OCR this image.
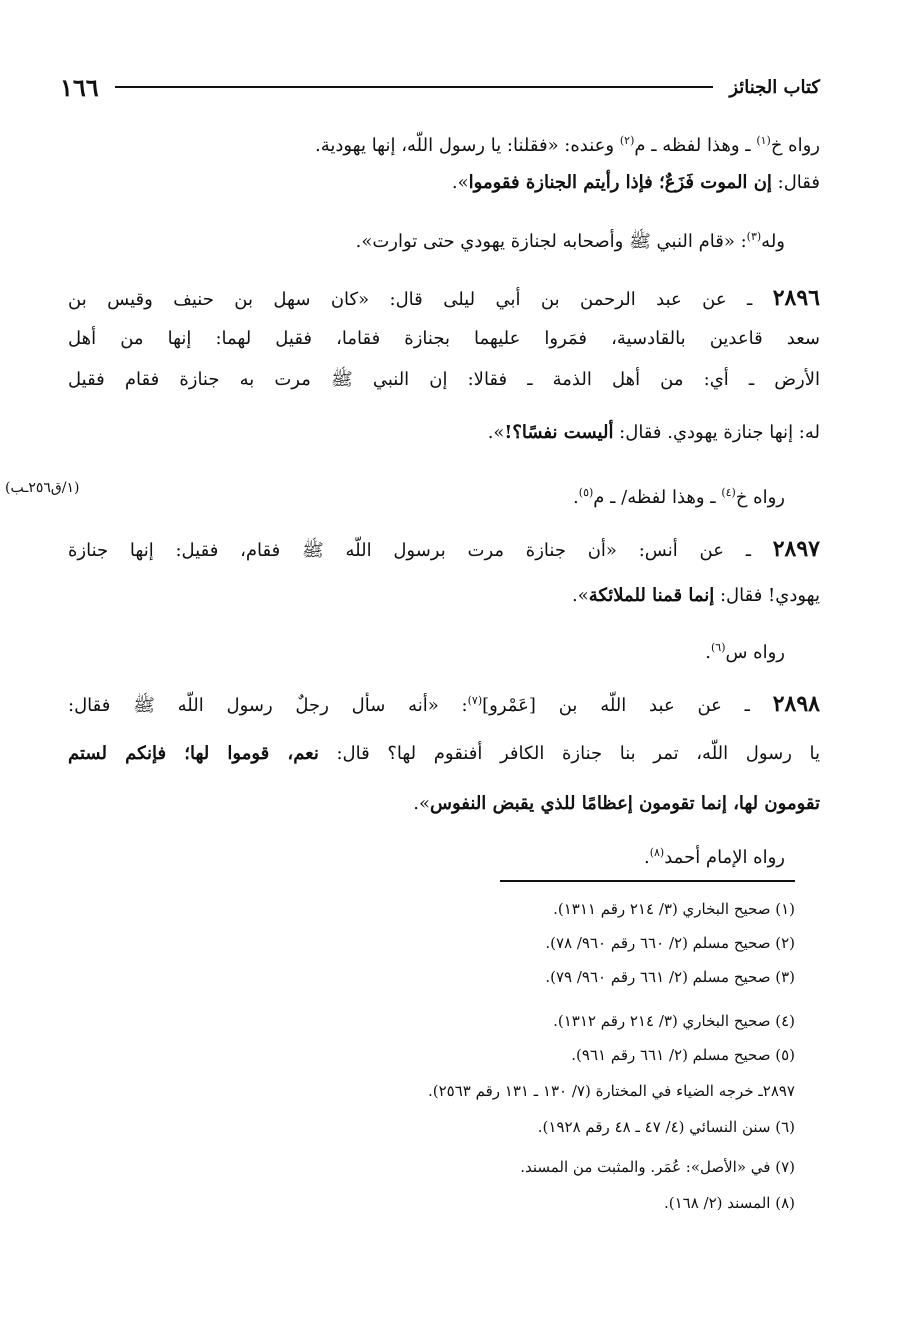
١٦٦	كتاب الجنائز
رواه خ$^{(١)}$ ـ وهذا لفظه ـ م$^{(٢)}$ وعنده: «فقلنا: يا رسول اللّه، إنها يهودية.
فقال: إن الموت فَزَعٌ؛ فإذا رأيتم الجنازة فقوموا».
وله$^{(٣)}$: «قام النبي ﷺ وأصحابه لجنازة يهودي حتى توارت».
٢٨٩٦ ـ عن عبد الرحمن بن أبي ليلى قال: «كان سهل بن حنيف وقيس بن
سعد قاعدين بالقادسية، فمَروا عليهما بجنازة فقاما، فقيل لهما: إنها من أهل
الأرض ـ أي: من أهل الذمة ـ فقالا: إن النبي ﷺ مرت به جنازة فقام فقيل
له: إنها جنازة يهودي. فقال: أليست نفسًا؟!».
رواه خ$^{(٤)}$ ـ وهذا لفظه/ ـ م$^{(٥)}$.
(١/ق٢٥٦ـب)
٢٨٩٧ ـ عن أنس: «أن جنازة مرت برسول اللّه ﷺ فقام، فقيل: إنها جنازة
يهودي! فقال: إنما قمنا للملائكة».
رواه س$^{(٦)}$.
٢٨٩٨ ـ عن عبد اللّه بن [عَمْرو]$^{(٧)}$: «أنه سأل رجلٌ رسول اللّه ﷺ فقال:
يا رسول اللّه، تمر بنا جنازة الكافر أفنقوم لها؟ قال: نعم، قوموا لها؛ فإنكم لستم
تقومون لها، إنما تقومون إعظامًا للذي يقبض النفوس».
رواه الإمام أحمد$^{(٨)}$.
(١) صحيح البخاري (٣/ ٢١٤ رقم ١٣١١).
(٢) صحيح مسلم (٢/ ٦٦٠ رقم ٩٦٠/ ٧٨).
(٣) صحيح مسلم (٢/ ٦٦١ رقم ٩٦٠/ ٧٩).
(٤) صحيح البخاري (٣/ ٢١٤ رقم ١٣١٢).
(٥) صحيح مسلم (٢/ ٦٦١ رقم ٩٦١).
٢٨٩٧ـ خرجه الضياء في المختارة (٧/ ١٣٠ ـ ١٣١ رقم ٢٥٦٣).
(٦) سنن النسائي (٤/ ٤٧ ـ ٤٨ رقم ١٩٢٨).
(٧) في «الأصل»: عُمَر. والمثبت من المسند.
(٨) المسند (٢/ ١٦٨).
